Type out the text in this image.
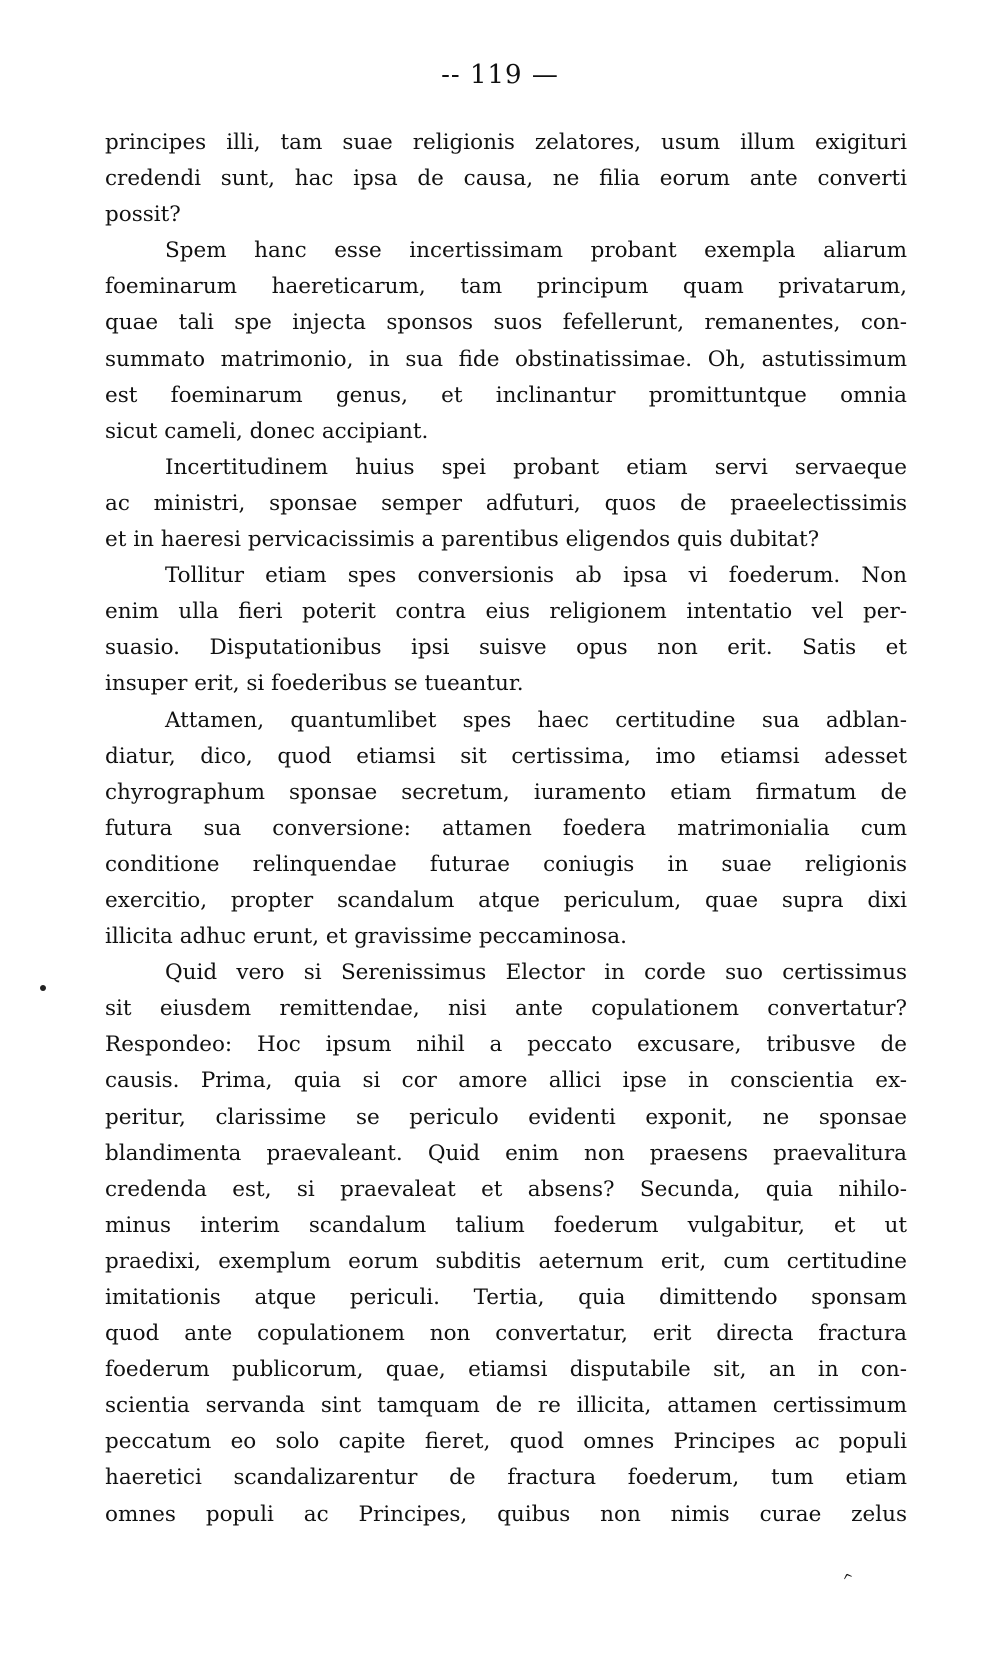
-- 119 —
principes illi, tam suae religionis zelatores, usum illum exigituri
credendi sunt, hac ipsa de causa, ne filia eorum ante converti
possit?
Spem hanc esse incertissimam probant exempla aliarum
foeminarum haereticarum, tam principum quam privatarum,
quae tali spe injecta sponsos suos fefellerunt, remanentes, con-
summato matrimonio, in sua fide obstinatissimae. Oh, astutissimum
est foeminarum genus, et inclinantur promittuntque omnia
sicut cameli, donec accipiant.
Incertitudinem huius spei probant etiam servi servaeque
ac ministri, sponsae semper adfuturi, quos de praeelectissimis
et in haeresi pervicacissimis a parentibus eligendos quis dubitat?
Tollitur etiam spes conversionis ab ipsa vi foederum. Non
enim ulla fieri poterit contra eius religionem intentatio vel per-
suasio. Disputationibus ipsi suisve opus non erit. Satis et
insuper erit, si foederibus se tueantur.
Attamen, quantumlibet spes haec certitudine sua adblan-
diatur, dico, quod etiamsi sit certissima, imo etiamsi adesset
chyrographum sponsae secretum, iuramento etiam firmatum de
futura sua conversione: attamen foedera matrimonialia cum
conditione relinquendae futurae coniugis in suae religionis
exercitio, propter scandalum atque periculum, quae supra dixi
illicita adhuc erunt, et gravissime peccaminosa.
Quid vero si Serenissimus Elector in corde suo certissimus
sit eiusdem remittendae, nisi ante copulationem convertatur?
Respondeo: Hoc ipsum nihil a peccato excusare, tribusve de
causis. Prima, quia si cor amore allici ipse in conscientia ex-
peritur, clarissime se periculo evidenti exponit, ne sponsae
blandimenta praevaleant. Quid enim non praesens praevalitura
credenda est, si praevaleat et absens? Secunda, quia nihilo-
minus interim scandalum talium foederum vulgabitur, et ut
praedixi, exemplum eorum subditis aeternum erit, cum certitudine
imitationis atque periculi. Tertia, quia dimittendo sponsam
quod ante copulationem non convertatur, erit directa fractura
foederum publicorum, quae, etiamsi disputabile sit, an in con-
scientia servanda sint tamquam de re illicita, attamen certissimum
peccatum eo solo capite fieret, quod omnes Principes ac populi
haeretici scandalizarentur de fractura foederum, tum etiam
omnes populi ac Principes, quibus non nimis curae zelus
^
